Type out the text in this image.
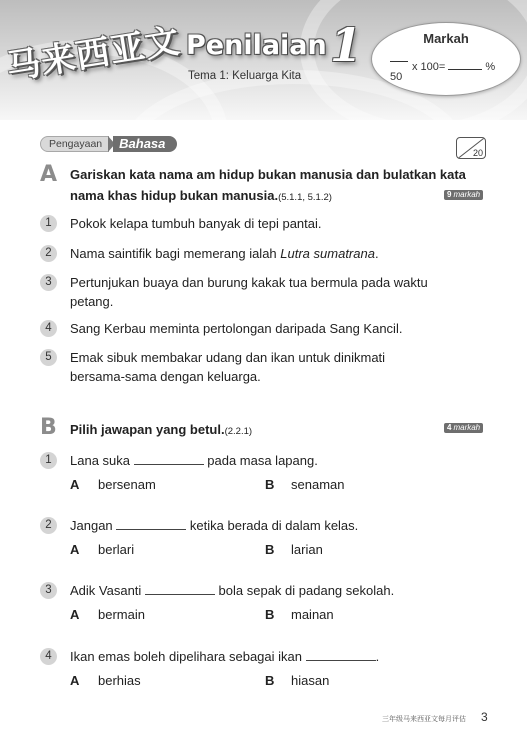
马来西亚文 Penilaian 1
Tema 1: Keluarga Kita
Markah
50
x 100=	%
Pengayaan	Bahasa
20
A Gariskan kata nama am hidup bukan manusia dan bulatkan kata
nama khas hidup bukan manusia.(5.1.1, 5.1.2)	9 markah
1	Pokok kelapa tumbuh banyak di tepi pantai.
2	Nama saintifik bagi memerang ialah Lutra sumatrana.
3	Pertunjukan buaya dan burung kakak tua bermula pada waktu
petang.
4	Sang Kerbau meminta pertolongan daripada Sang Kancil.
5	Emak sibuk membakar udang dan ikan untuk dinikmati
bersama-sama dengan keluarga.
B Pilih jawapan yang betul.(2.2.1)	4 markah
1	Lana suka	pada masa lapang.
A bersenam	B senaman
2	Jangan	ketika berada di dalam kelas.
A berlari	B larian
3	Adik Vasanti	bola sepak di padang sekolah.
A bermain	B mainan
4	Ikan emas boleh dipelihara sebagai ikan	.
A berhias	B hiasan
三年级马来西亚文每月评估 3
